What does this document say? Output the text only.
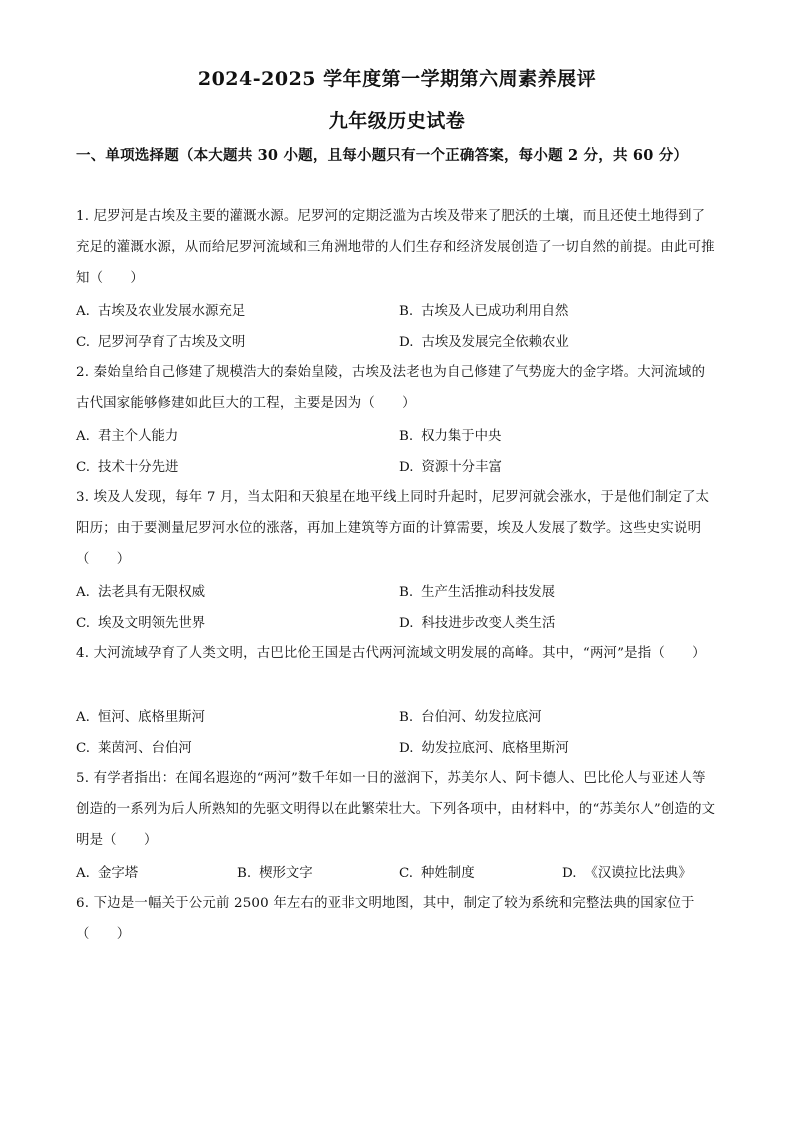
2024-2025 学年度第一学期第六周素养展评
九年级历史试卷
一、单项选择题（本大题共 30 小题，且每小题只有一个正确答案，每小题 2 分，共 60 分）
1. 尼罗河是古埃及主要的灌溉水源。尼罗河的定期泛滥为古埃及带来了肥沃的土壤，而且还使土地得到了充足的灌溉水源，从而给尼罗河流域和三角洲地带的人们生存和经济发展创造了一切自然的前提。由此可推知（　　）
A. 古埃及农业发展水源充足	B. 古埃及人已成功利用自然
C. 尼罗河孕育了古埃及文明	D. 古埃及发展完全依赖农业
2. 秦始皇给自己修建了规模浩大的秦始皇陵，古埃及法老也为自己修建了气势庞大的金字塔。大河流域的古代国家能够修建如此巨大的工程，主要是因为（　　）
A. 君主个人能力	B. 权力集于中央
C. 技术十分先进	D. 资源十分丰富
3. 埃及人发现，每年 7 月，当太阳和天狼星在地平线上同时升起时，尼罗河就会涨水，于是他们制定了太阳历；由于要测量尼罗河水位的涨落，再加上建筑等方面的计算需要，埃及人发展了数学。这些史实说明（　　）
A. 法老具有无限权威	B. 生产生活推动科技发展
C. 埃及文明领先世界	D. 科技进步改变人类生活
4. 大河流域孕育了人类文明，古巴比伦王国是古代两河流域文明发展的高峰。其中，“两河”是指（　　）
A. 恒河、底格里斯河	B. 台伯河、幼发拉底河
C. 莱茵河、台伯河	D. 幼发拉底河、底格里斯河
5. 有学者指出：在闻名遐迩的“两河”数千年如一日的滋润下，苏美尔人、阿卡德人、巴比伦人与亚述人等创造的一系列为后人所熟知的先驱文明得以在此繁荣壮大。下列各项中，由材料中，的“苏美尔人”创造的文明是（　　）
A. 金字塔	B. 楔形文字	C. 种姓制度	D. 《汉谟拉比法典》
6. 下边是一幅关于公元前 2500 年左右的亚非文明地图，其中，制定了较为系统和完整法典的国家位于（　　）
